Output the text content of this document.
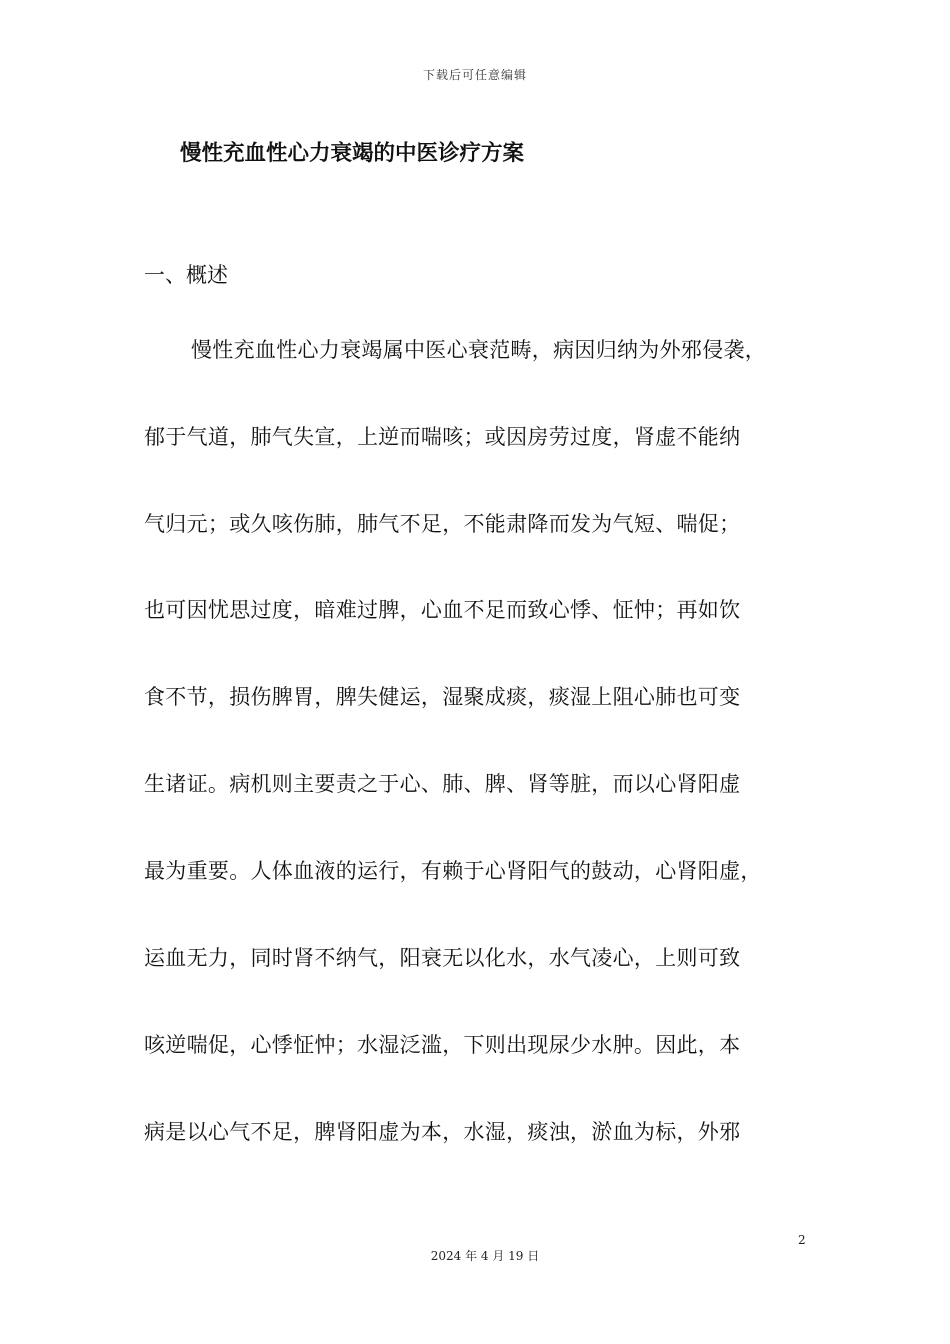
下载后可任意编辑
慢性充血性心力衰竭的中医诊疗方案
一、概述
慢性充血性心力衰竭属中医心衰范畴，病因归纳为外邪侵袭，
郁于气道，肺气失宣，上逆而喘咳；或因房劳过度，肾虚不能纳
气归元；或久咳伤肺，肺气不足，不能肃降而发为气短、喘促；
也可因忧思过度，暗难过脾，心血不足而致心悸、怔忡；再如饮
食不节，损伤脾胃，脾失健运，湿聚成痰，痰湿上阻心肺也可变
生诸证。病机则主要责之于心、肺、脾、肾等脏，而以心肾阳虚
最为重要。人体血液的运行，有赖于心肾阳气的鼓动，心肾阳虚，
运血无力，同时肾不纳气，阳衰无以化水，水气凌心，上则可致
咳逆喘促，心悸怔忡；水湿泛滥，下则出现尿少水肿。因此，本
病是以心气不足，脾肾阳虚为本，水湿，痰浊，淤血为标，外邪
2
2024 年 4 月 19 日
